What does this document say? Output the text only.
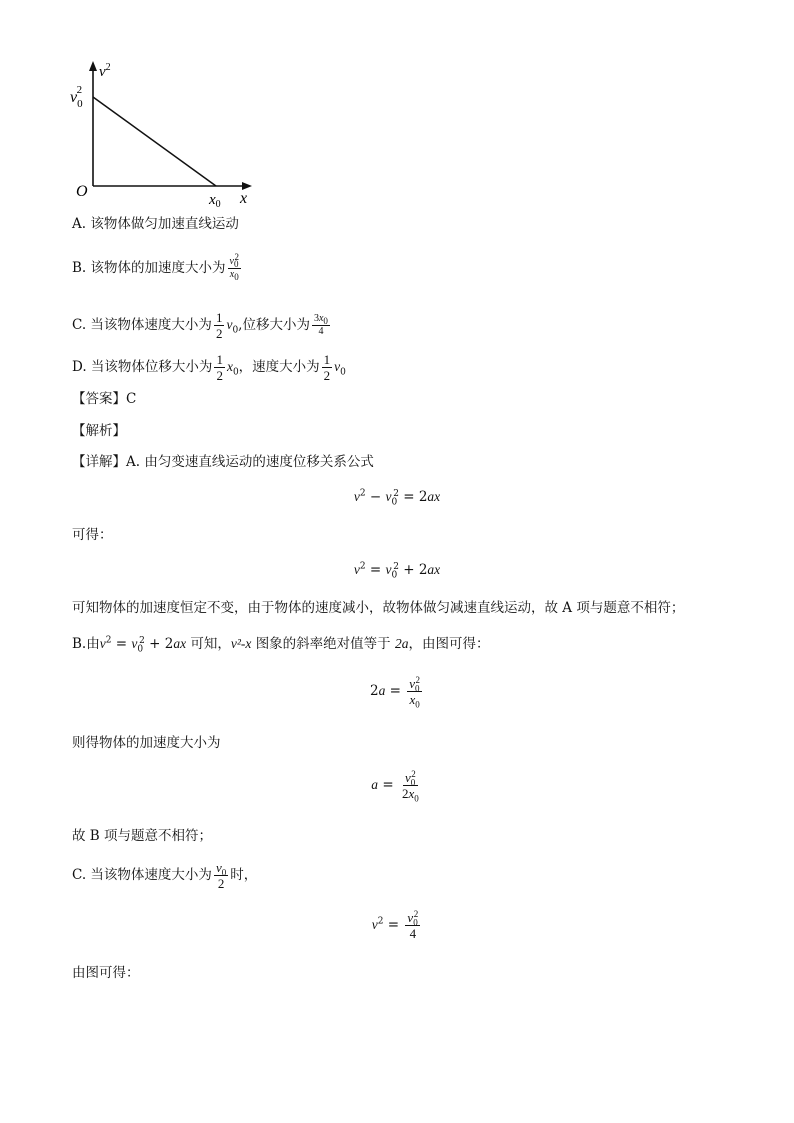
$v^2$
$v_02$
O	$x_0$ x
A. 该物体做匀加速直线运动
B. 该物体的加速度大小为 $\frac{v_0^2}{x_0}$
C. 当该物体速度大小为 $\frac{1}{2} v_0$,位移大小为 $\frac{3x_0}{4}$
D. 当该物体位移大小为 $\frac{1}{2} x_0$，速度大小为 $\frac{1}{2} v_0$
【答案】C
【解析】
【详解】A. 由匀变速直线运动的速度位移关系公式
$v^2 - v_0^2 = 2ax$
可得：
$v^2 = v_0^2 + 2ax$
可知物体的加速度恒定不变，由于物体的速度减小，故物体做匀减速直线运动，故 A 项与题意不相符；
B.由$v^2 = v_0^2 + 2ax$ 可知，v²-x 图象的斜率绝对值等于 2a，由图可得：
$2a = \frac{v_0^2}{x_0}$
则得物体的加速度大小为
$a = \frac{v_0^2}{2x_0}$
故 B 项与题意不相符；
C. 当该物体速度大小为 $\frac{v_0}{2}$ 时，
$v^2 = \frac{v_0^2}{4}$
由图可得：
